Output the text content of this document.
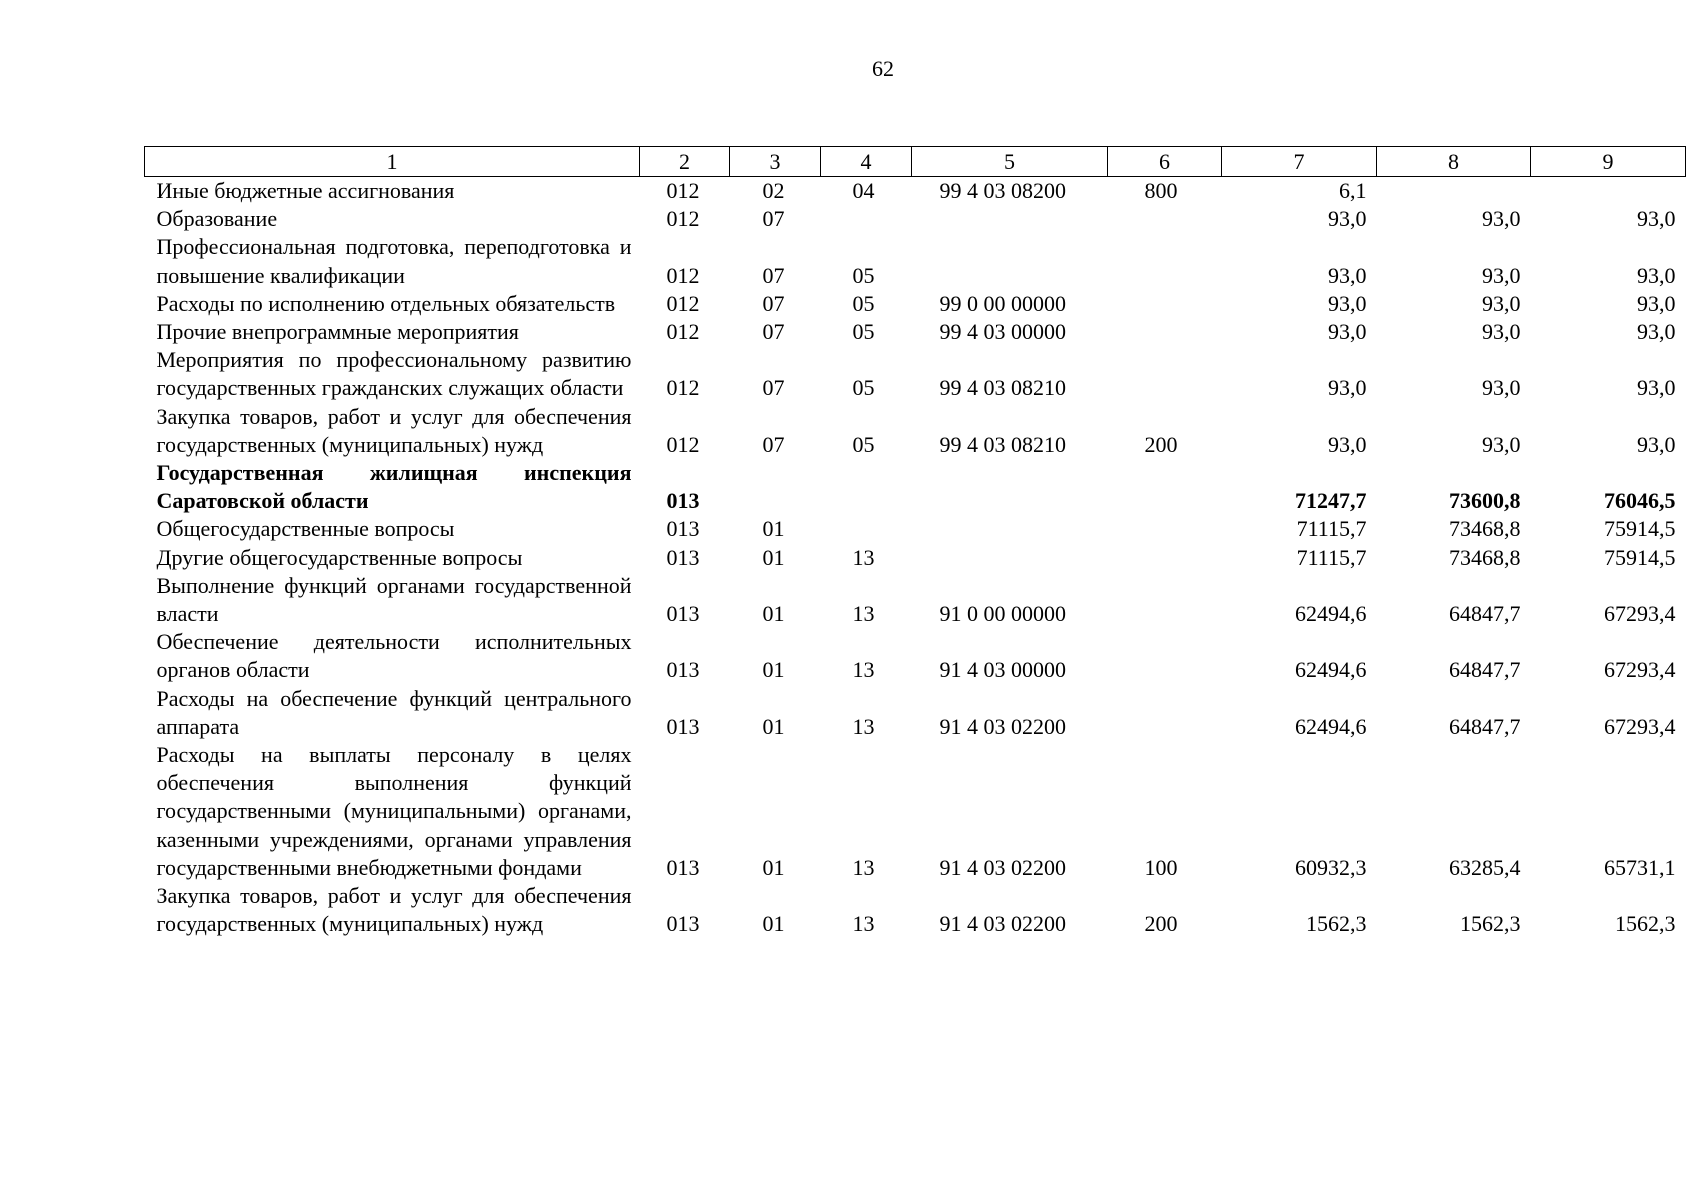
62
1	2	3	4	5	6	7	8	9
Иные бюджетные ассигнования	012	02	04	99 4 03 08200	800	6,1		
Образование	012	07				93,0	93,0	93,0
Профессиональная подготовка, переподготовка и повышение квалификации	012	07	05			93,0	93,0	93,0
Расходы по исполнению отдельных обязательств	012	07	05	99 0 00 00000		93,0	93,0	93,0
Прочие внепрограммные мероприятия	012	07	05	99 4 03 00000		93,0	93,0	93,0
Мероприятия по профессиональному развитию государственных гражданских служащих области	012	07	05	99 4 03 08210		93,0	93,0	93,0
Закупка товаров, работ и услуг для обеспечения государственных (муниципальных) нужд	012	07	05	99 4 03 08210	200	93,0	93,0	93,0
Государственная жилищная инспекция Саратовской области	013					71247,7	73600,8	76046,5
Общегосударственные вопросы	013	01				71115,7	73468,8	75914,5
Другие общегосударственные вопросы	013	01	13			71115,7	73468,8	75914,5
Выполнение функций органами государственной власти	013	01	13	91 0 00 00000		62494,6	64847,7	67293,4
Обеспечение деятельности исполнительных органов области	013	01	13	91 4 03 00000		62494,6	64847,7	67293,4
Расходы на обеспечение функций центрального аппарата	013	01	13	91 4 03 02200		62494,6	64847,7	67293,4
Расходы на выплаты персоналу в целях обеспечения выполнения функций государственными (муниципальными) органами, казенными учреждениями, органами управления государственными внебюджетными фондами	013	01	13	91 4 03 02200	100	60932,3	63285,4	65731,1
Закупка товаров, работ и услуг для обеспечения государственных (муниципальных) нужд	013	01	13	91 4 03 02200	200	1562,3	1562,3	1562,3
